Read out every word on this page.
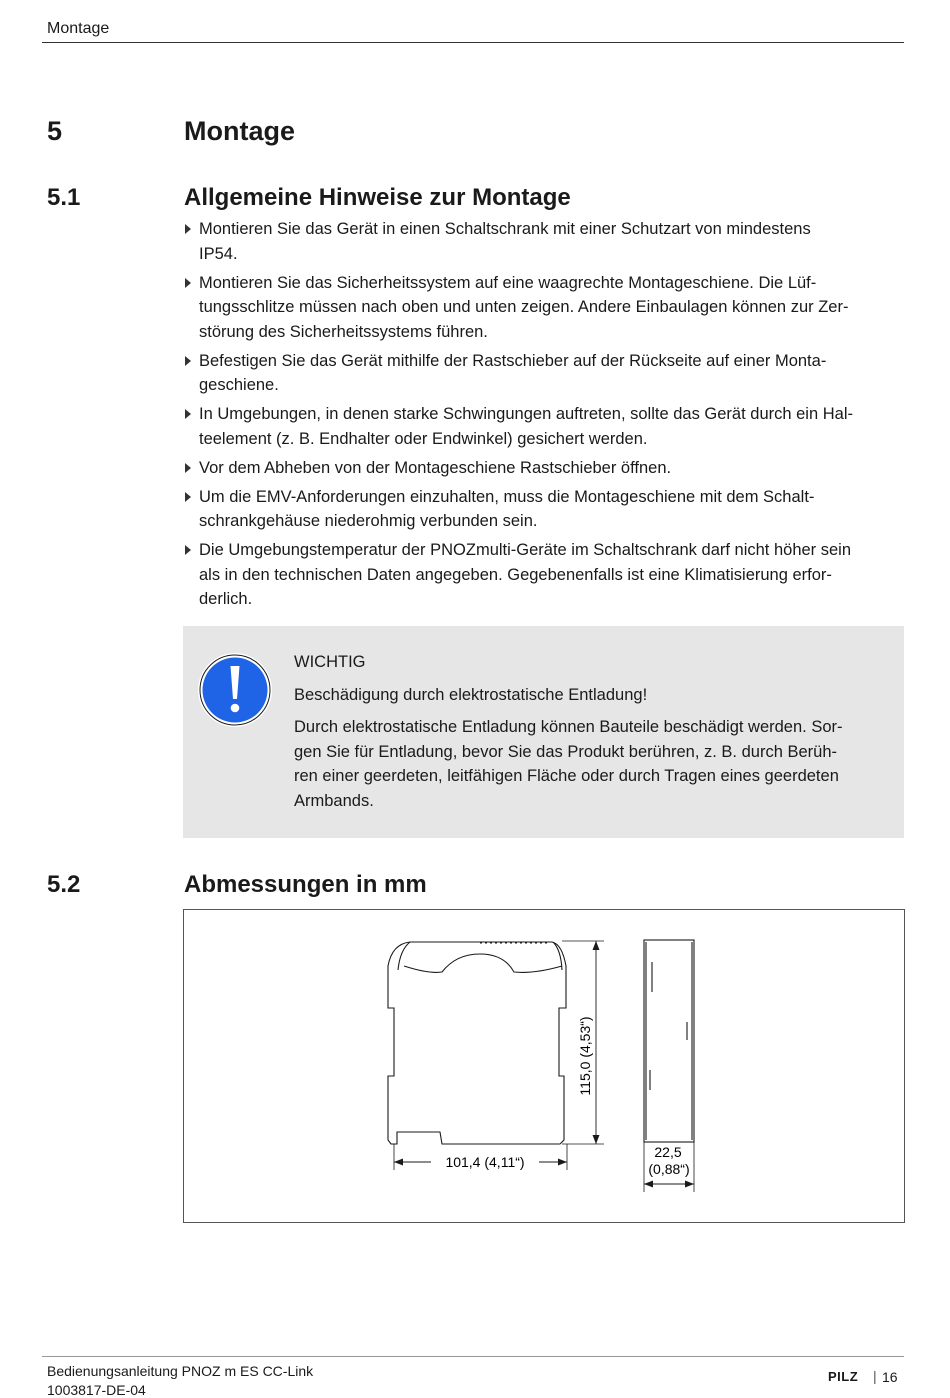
Montage
5	Montage
5.1	Allgemeine Hinweise zur Montage
Montieren Sie das Gerät in einen Schaltschrank mit einer Schutzart von mindestens
IP54.
Montieren Sie das Sicherheitssystem auf eine waagrechte Montageschiene. Die Lüf-
tungsschlitze müssen nach oben und unten zeigen. Andere Einbaulagen können zur Zer-
störung des Sicherheitssystems führen.
Befestigen Sie das Gerät mithilfe der Rastschieber auf der Rückseite auf einer Monta-
geschiene.
In Umgebungen, in denen starke Schwingungen auftreten, sollte das Gerät durch ein Hal-
teelement (z. B. Endhalter oder Endwinkel) gesichert werden.
Vor dem Abheben von der Montageschiene Rastschieber öffnen.
Um die EMV-Anforderungen einzuhalten, muss die Montageschiene mit dem Schalt-
schrankgehäuse niederohmig verbunden sein.
Die Umgebungstemperatur der PNOZmulti-Geräte im Schaltschrank darf nicht höher sein
als in den technischen Daten angegeben. Gegebenenfalls ist eine Klimatisierung erfor-
derlich.
WICHTIG
Beschädigung durch elektrostatische Entladung!
Durch elektrostatische Entladung können Bauteile beschädigt werden. Sor-
gen Sie für Entladung, bevor Sie das Produkt berühren, z. B. durch Berüh-
ren einer geerdeten, leitfähigen Fläche oder durch Tragen eines geerdeten
Armbands.
5.2	Abmessungen in mm
101,4 (4,11“)
115,0 (4,53“)
22,5
(0,88“)
Bedienungsanleitung PNOZ m ES CC-Link
1003817-DE-04
PILZ | 16
